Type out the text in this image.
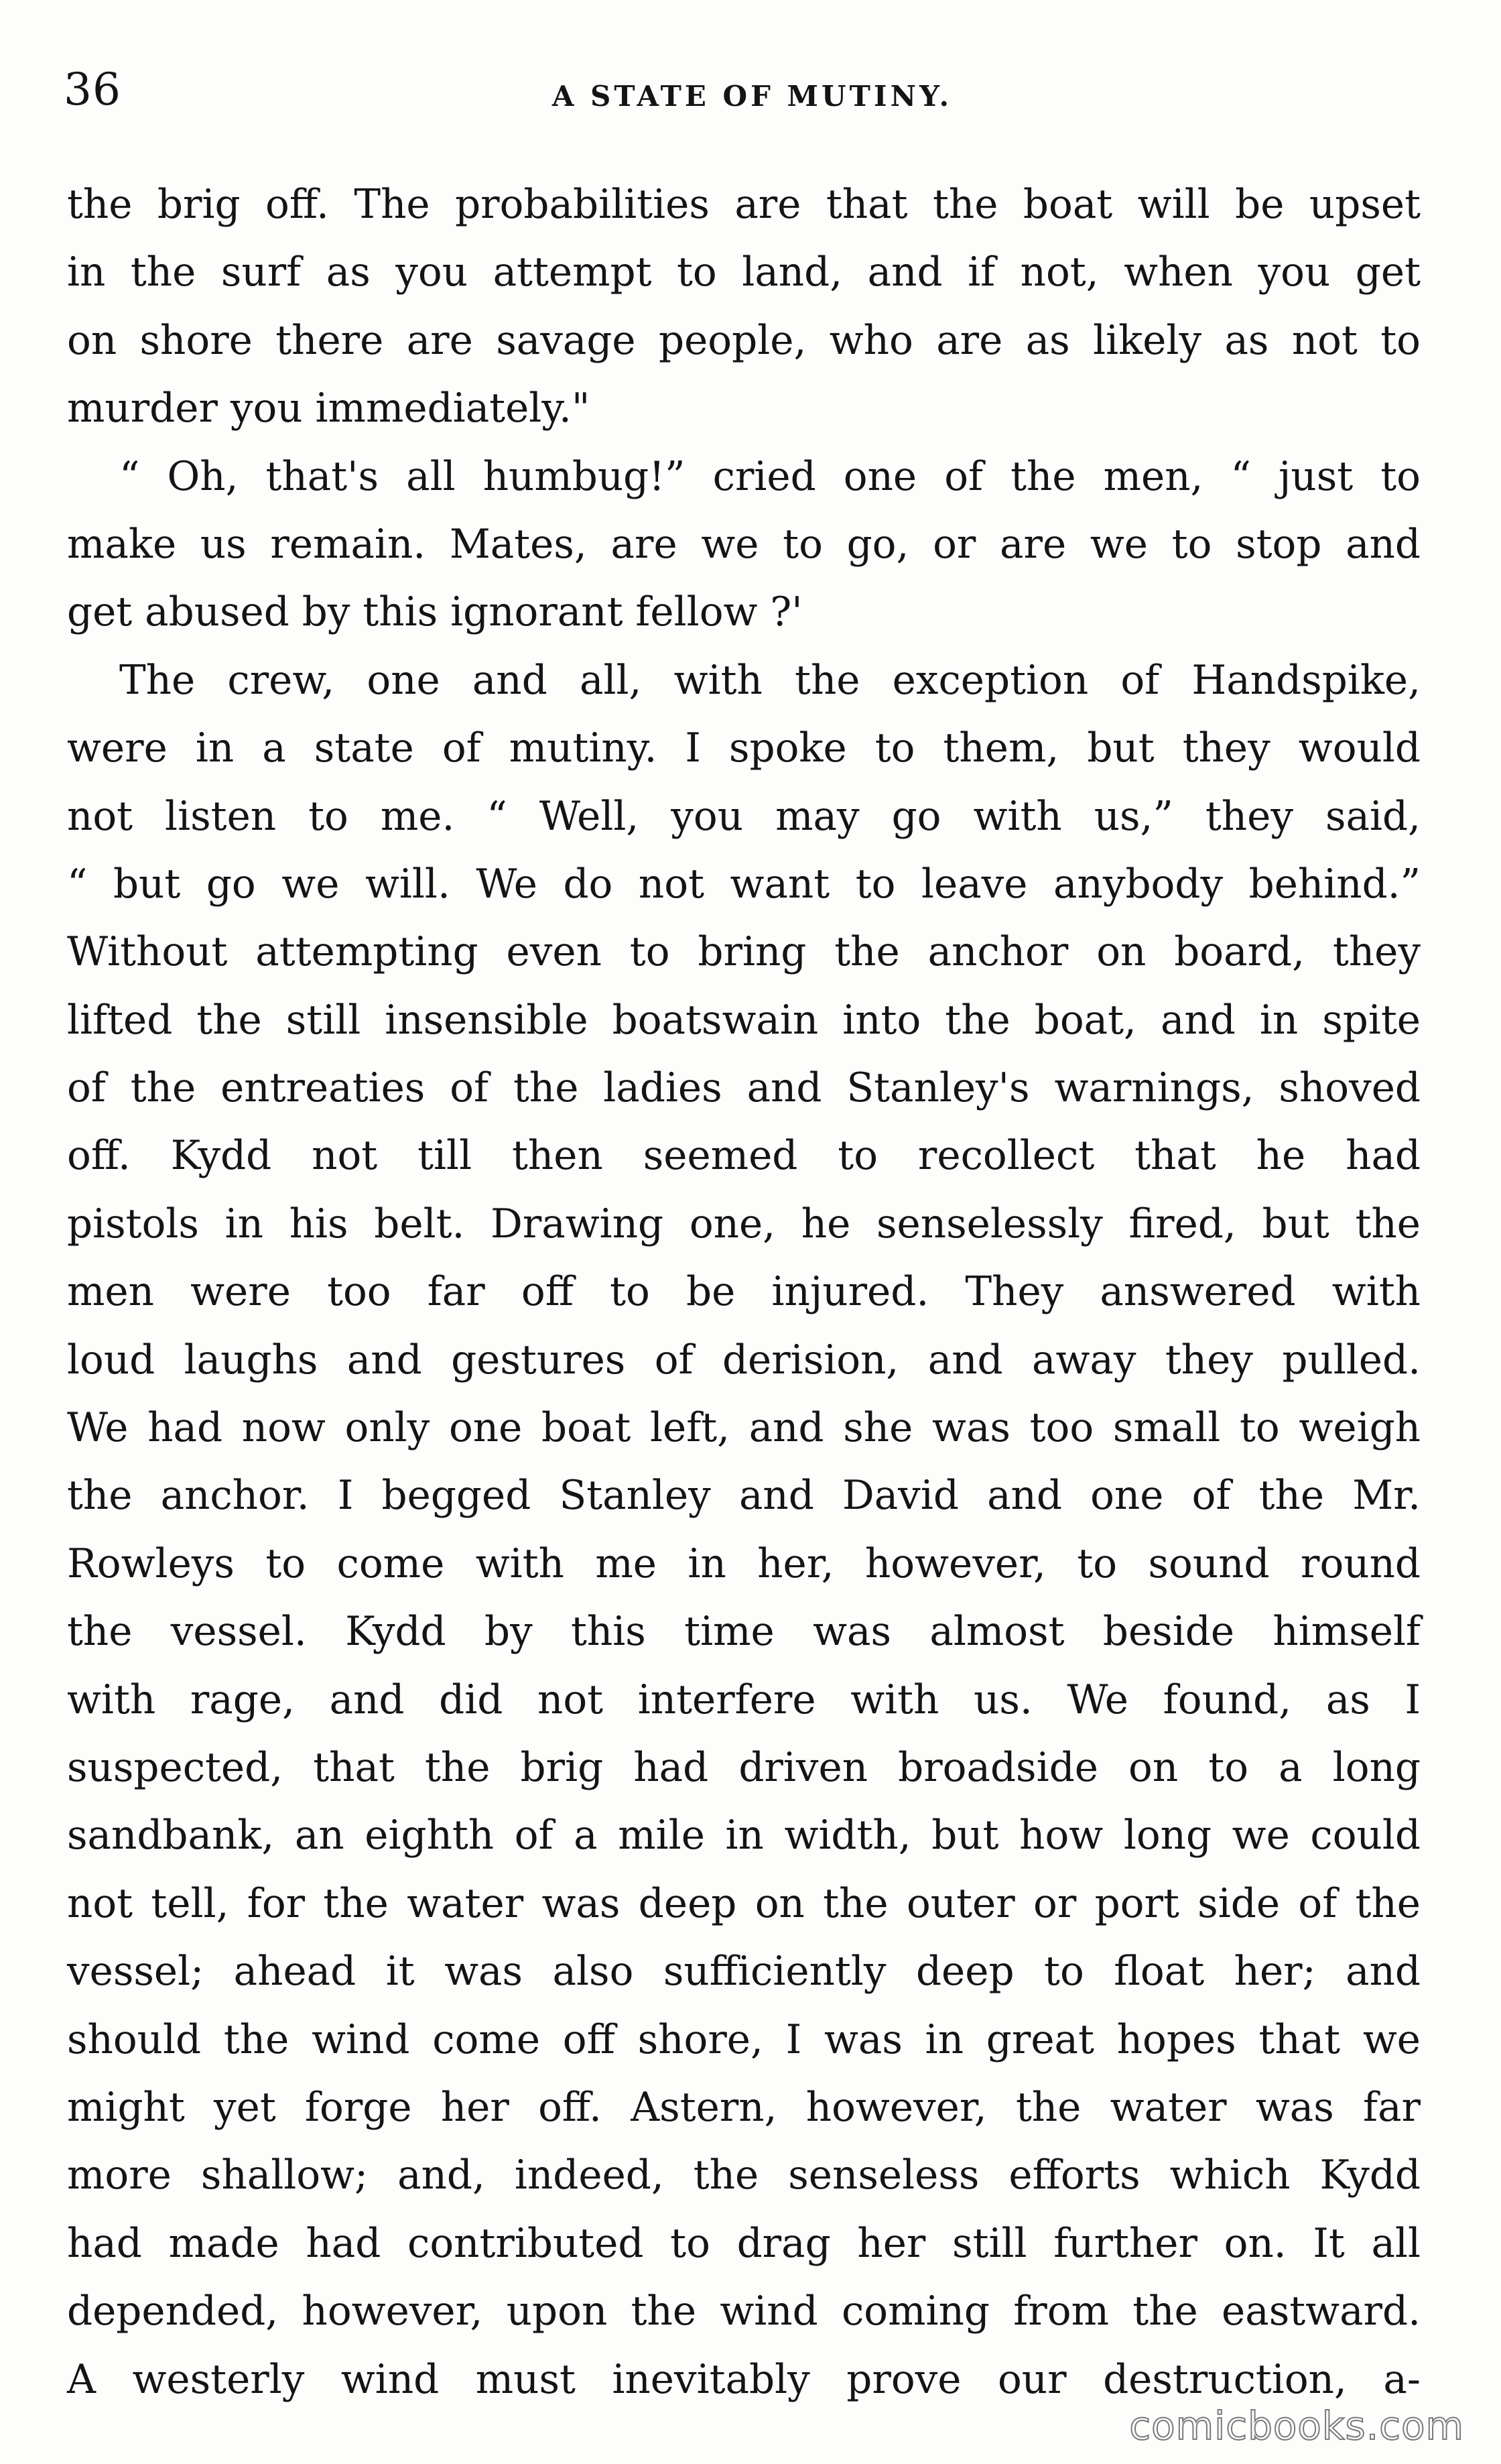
36	A STATE OF MUTINY.
the brig off. The probabilities are that the boat will be upset
in the surf as you attempt to land, and if not, when you get
on shore there are savage people, who are as likely as not to
murder you immediately."
“ Oh, that's all humbug!” cried one of the men, “ just to
make us remain. Mates, are we to go, or are we to stop and
get abused by this ignorant fellow ?'
The crew, one and all, with the exception of Handspike,
were in a state of mutiny. I spoke to them, but they would
not listen to me. “ Well, you may go with us,” they said,
“ but go we will. We do not want to leave anybody behind.”
Without attempting even to bring the anchor on board, they
lifted the still insensible boatswain into the boat, and in spite
of the entreaties of the ladies and Stanley's warnings, shoved
off. Kydd not till then seemed to recollect that he had
pistols in his belt. Drawing one, he senselessly fired, but the
men were too far off to be injured. They answered with
loud laughs and gestures of derision, and away they pulled.
We had now only one boat left, and she was too small to weigh
the anchor. I begged Stanley and David and one of the Mr.
Rowleys to come with me in her, however, to sound round
the vessel. Kydd by this time was almost beside himself
with rage, and did not interfere with us. We found, as I
suspected, that the brig had driven broadside on to a long
sandbank, an eighth of a mile in width, but how long we could
not tell, for the water was deep on the outer or port side of the
vessel; ahead it was also sufficiently deep to float her; and
should the wind come off shore, I was in great hopes that we
might yet forge her off. Astern, however, the water was far
more shallow; and, indeed, the senseless efforts which Kydd
had made had contributed to drag her still further on. It all
depended, however, upon the wind coming from the eastward.
A westerly wind must inevitably prove our destruction, a-
comicbooks.com
